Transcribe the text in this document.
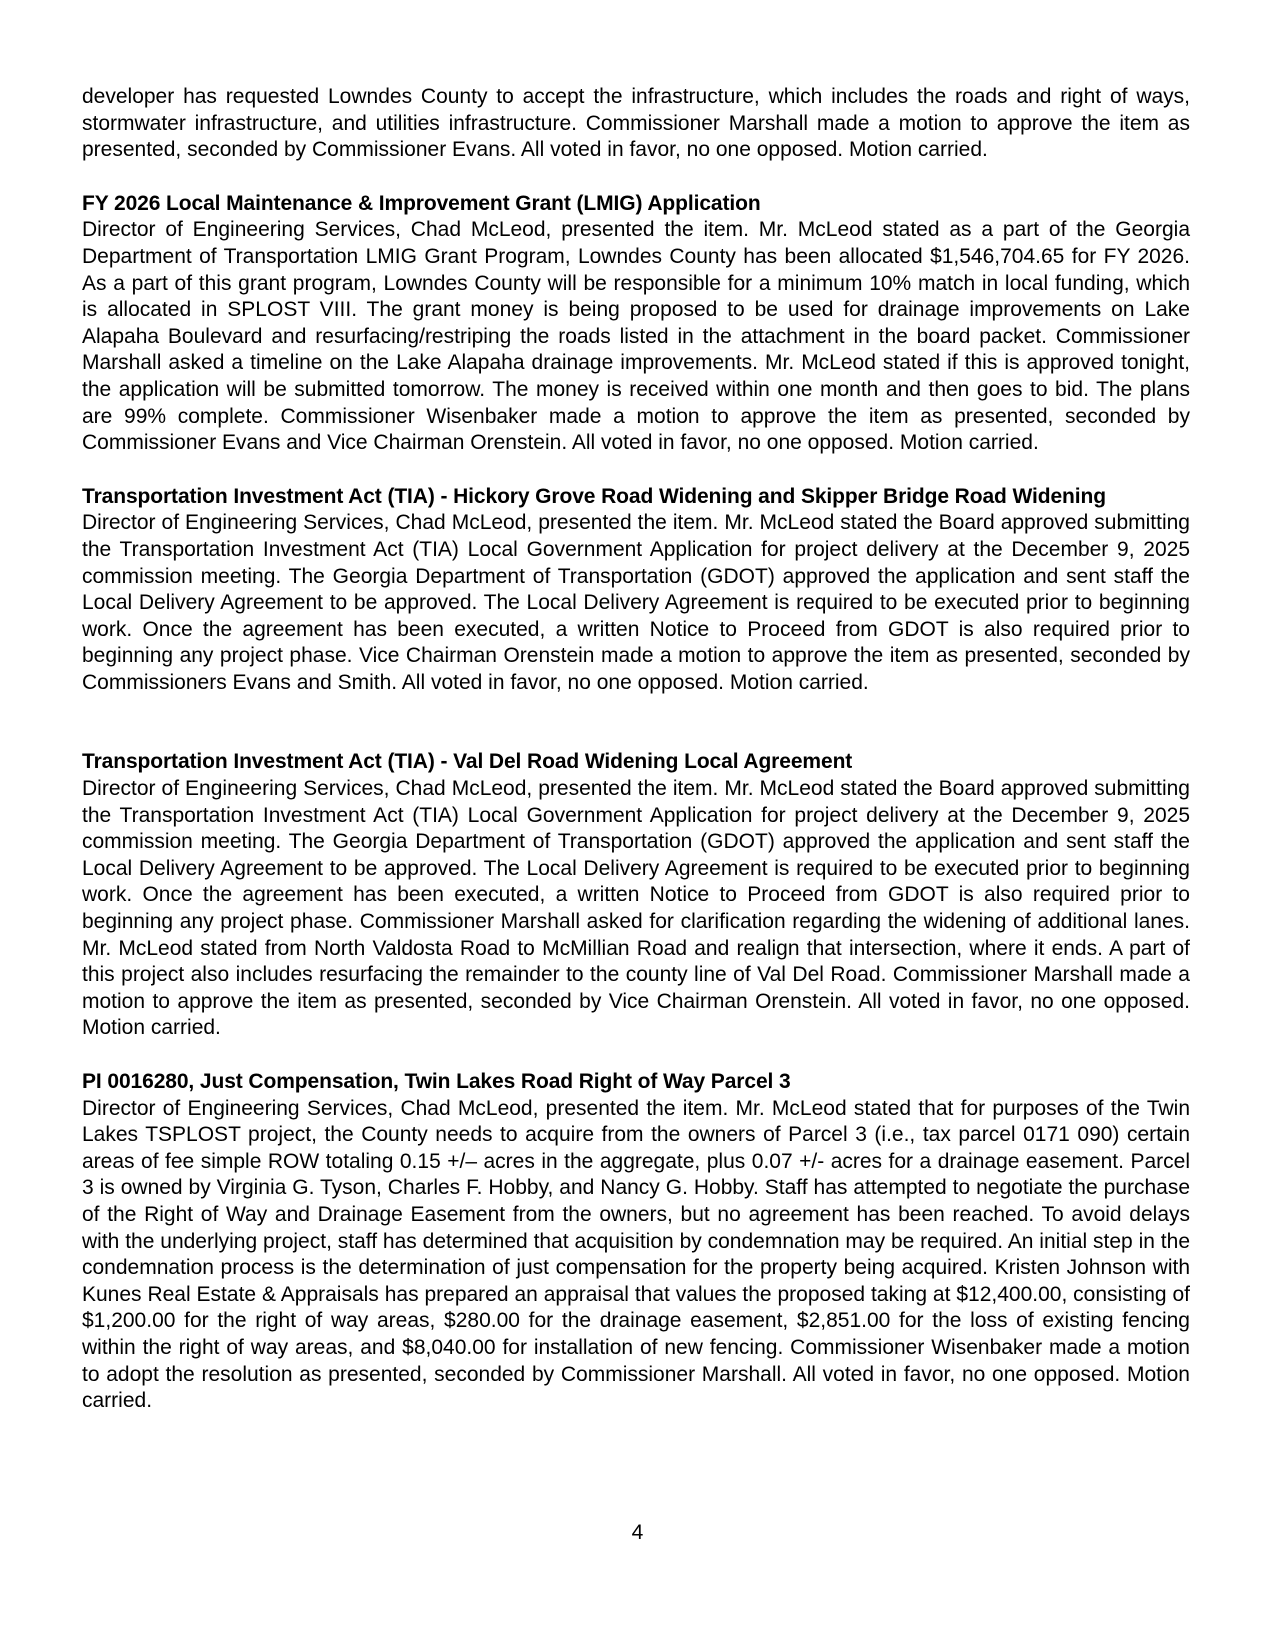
developer has requested Lowndes County to accept the infrastructure, which includes the roads and right of ways, stormwater infrastructure, and utilities infrastructure. Commissioner Marshall made a motion to approve the item as presented, seconded by Commissioner Evans. All voted in favor, no one opposed. Motion carried.

FY 2026 Local Maintenance & Improvement Grant (LMIG) Application

Director of Engineering Services, Chad McLeod, presented the item. Mr. McLeod stated as a part of the Georgia Department of Transportation LMIG Grant Program, Lowndes County has been allocated $1,546,704.65 for FY 2026. As a part of this grant program, Lowndes County will be responsible for a minimum 10% match in local funding, which is allocated in SPLOST VIII. The grant money is being proposed to be used for drainage improvements on Lake Alapaha Boulevard and resurfacing/restriping the roads listed in the attachment in the board packet. Commissioner Marshall asked a timeline on the Lake Alapaha drainage improvements. Mr. McLeod stated if this is approved tonight, the application will be submitted tomorrow. The money is received within one month and then goes to bid. The plans are 99% complete. Commissioner Wisenbaker made a motion to approve the item as presented, seconded by Commissioner Evans and Vice Chairman Orenstein. All voted in favor, no one opposed. Motion carried.

Transportation Investment Act (TIA) - Hickory Grove Road Widening and Skipper Bridge Road Widening

Director of Engineering Services, Chad McLeod, presented the item. Mr. McLeod stated the Board approved submitting the Transportation Investment Act (TIA) Local Government Application for project delivery at the December 9, 2025 commission meeting. The Georgia Department of Transportation (GDOT) approved the application and sent staff the Local Delivery Agreement to be approved. The Local Delivery Agreement is required to be executed prior to beginning work. Once the agreement has been executed, a written Notice to Proceed from GDOT is also required prior to beginning any project phase. Vice Chairman Orenstein made a motion to approve the item as presented, seconded by Commissioners Evans and Smith. All voted in favor, no one opposed. Motion carried.

Transportation Investment Act (TIA) - Val Del Road Widening Local Agreement

Director of Engineering Services, Chad McLeod, presented the item. Mr. McLeod stated the Board approved submitting the Transportation Investment Act (TIA) Local Government Application for project delivery at the December 9, 2025 commission meeting. The Georgia Department of Transportation (GDOT) approved the application and sent staff the Local Delivery Agreement to be approved. The Local Delivery Agreement is required to be executed prior to beginning work. Once the agreement has been executed, a written Notice to Proceed from GDOT is also required prior to beginning any project phase. Commissioner Marshall asked for clarification regarding the widening of additional lanes. Mr. McLeod stated from North Valdosta Road to McMillian Road and realign that intersection, where it ends. A part of this project also includes resurfacing the remainder to the county line of Val Del Road. Commissioner Marshall made a motion to approve the item as presented, seconded by Vice Chairman Orenstein. All voted in favor, no one opposed. Motion carried.

PI 0016280, Just Compensation, Twin Lakes Road Right of Way Parcel 3

Director of Engineering Services, Chad McLeod, presented the item. Mr. McLeod stated that for purposes of the Twin Lakes TSPLOST project, the County needs to acquire from the owners of Parcel 3 (i.e., tax parcel 0171 090) certain areas of fee simple ROW totaling 0.15 +/– acres in the aggregate, plus 0.07 +/- acres for a drainage easement. Parcel 3 is owned by Virginia G. Tyson, Charles F. Hobby, and Nancy G. Hobby. Staff has attempted to negotiate the purchase of the Right of Way and Drainage Easement from the owners, but no agreement has been reached. To avoid delays with the underlying project, staff has determined that acquisition by condemnation may be required. An initial step in the condemnation process is the determination of just compensation for the property being acquired. Kristen Johnson with Kunes Real Estate & Appraisals has prepared an appraisal that values the proposed taking at $12,400.00, consisting of $1,200.00 for the right of way areas, $280.00 for the drainage easement, $2,851.00 for the loss of existing fencing within the right of way areas, and $8,040.00 for installation of new fencing. Commissioner Wisenbaker made a motion to adopt the resolution as presented, seconded by Commissioner Marshall. All voted in favor, no one opposed. Motion carried.

4
